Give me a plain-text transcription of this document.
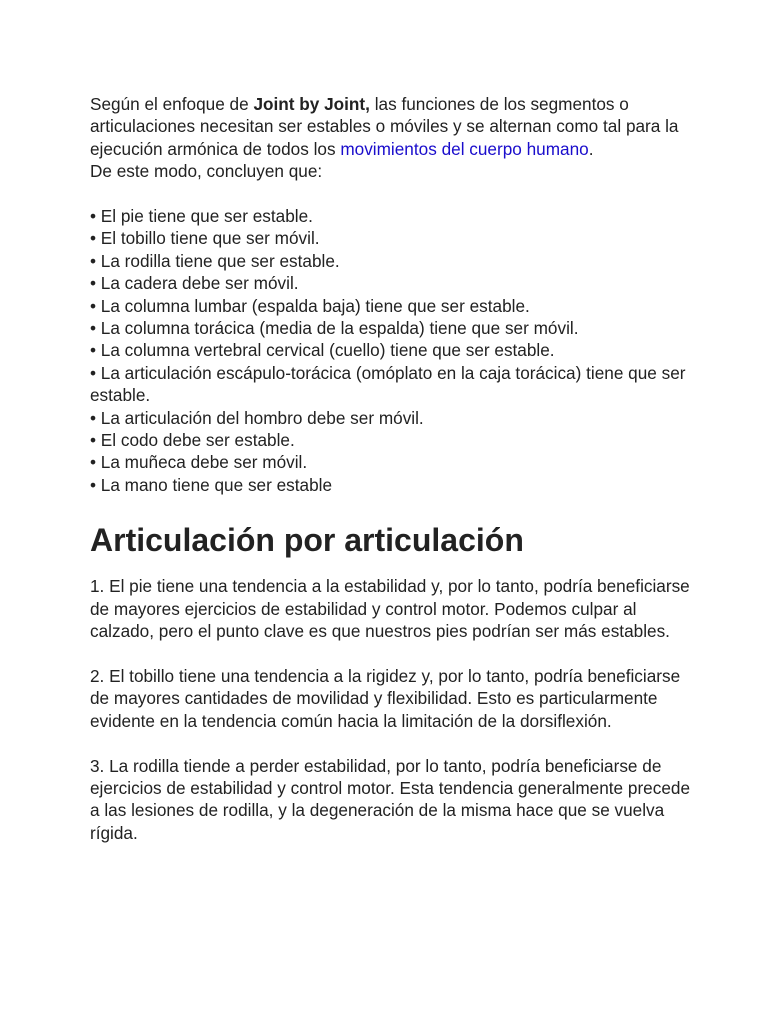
Según el enfoque de Joint by Joint, las funciones de los segmentos o articulaciones necesitan ser estables o móviles y se alternan como tal para la ejecución armónica de todos los movimientos del cuerpo humano.

De este modo, concluyen que:

• El pie tiene que ser estable.

• El tobillo tiene que ser móvil.

• La rodilla tiene que ser estable.

• La cadera debe ser móvil.

• La columna lumbar (espalda baja) tiene que ser estable.

• La columna torácica (media de la espalda) tiene que ser móvil.

• La columna vertebral cervical (cuello) tiene que ser estable.

• La articulación escápulo-torácica (omóplato en la caja torácica) tiene que ser estable.

• La articulación del hombro debe ser móvil.

• El codo debe ser estable.

• La muñeca debe ser móvil.

• La mano tiene que ser estable

Articulación por articulación

1. El pie tiene una tendencia a la estabilidad y, por lo tanto, podría beneficiarse de mayores ejercicios de estabilidad y control motor. Podemos culpar al calzado, pero el punto clave es que nuestros pies podrían ser más estables.

2. El tobillo tiene una tendencia a la rigidez y, por lo tanto, podría beneficiarse de mayores cantidades de movilidad y flexibilidad. Esto es particularmente evidente en la tendencia común hacia la limitación de la dorsiflexión.

3. La rodilla tiende a perder estabilidad, por lo tanto, podría beneficiarse de ejercicios de estabilidad y control motor. Esta tendencia generalmente precede a las lesiones de rodilla, y la degeneración de la misma hace que se vuelva rígida.
